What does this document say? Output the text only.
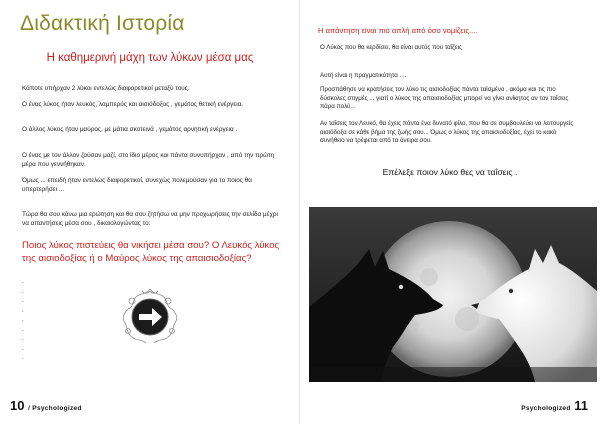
Διδακτική Ιστορία
Η καθημερινή μάχη των λύκων μέσα μας
Κάποτε υπήρχαν 2 λύκοι εντελώς διαφορετικοί μεταξύ τους.
Ο ένας λύκος ήταν λευκός, λαμπερός και αισιόδοξος , γεμάτος θετική ενέργεια.
Ο άλλος λύκος ήταν μαύρος, με μάτια σκοτεινά , γεμάτος αρνητική ενέργεια .
Ο ένας με τον άλλον ζούσαν μαζί, στο ίδιο μέρος και πάντα συνυπήρχαν , από την πρώτη μέρα που γεννήθηκαν.
Όμως ... επειδή ήταν εντελώς διαφορετικοί, συνεχώς πολεμούσαν για το ποιος θα υπερτερήσει ...
Τώρα θα σου κάνω μια ερώτηση και θα σου ζητήσω να μην προχωρήσεις την σελίδα μέχρι να απαντήσεις μέσα σου , δικαιολογώντας το:
Ποιος λύκος πιστεύεις θα νικήσει μέσα σου? Ο Λευκός λύκος της αισιοδοξίας ή ο Μαύρος λύκος της απαισιοδοξίας?
.
.
.
.
.
.
.
.
.
10 / Psychologized
Η απάντηση είναι πιο απλή από όσο νομίζεις....
Ο Λύκος που θα κερδίσει, θα είναι αυτός που ταΐζεις
Αυτή είναι η πραγματικότητα ....
Προσπάθησε να κρατήσεις τον λύκο τις αισιοδοξίας πάντα ταϊσμένο , ακόμα και τις πιο δύσκολες στιγμές ... γιατί ο λύκος της απαισιοδοξίας μπορεί να γίνει ανίκητος αν τον ταΐσεις πάρα πολύ...
Αν ταΐσεις τον Λευκό, θα έχεις πάντα ένα δυνατό φίλο, που θα σε συμβουλεύει να λειτουργείς αισιόδοξα σε κάθε βήμα της ζωής σου... Όμως ο λύκος της απαισιοδοξίας, έχει το κακό συνήθειο να τρέφεται από τα όνειρα σου.
Επέλεξε ποιον λύκο θες να ταΐσεις .
Psychologized 11
